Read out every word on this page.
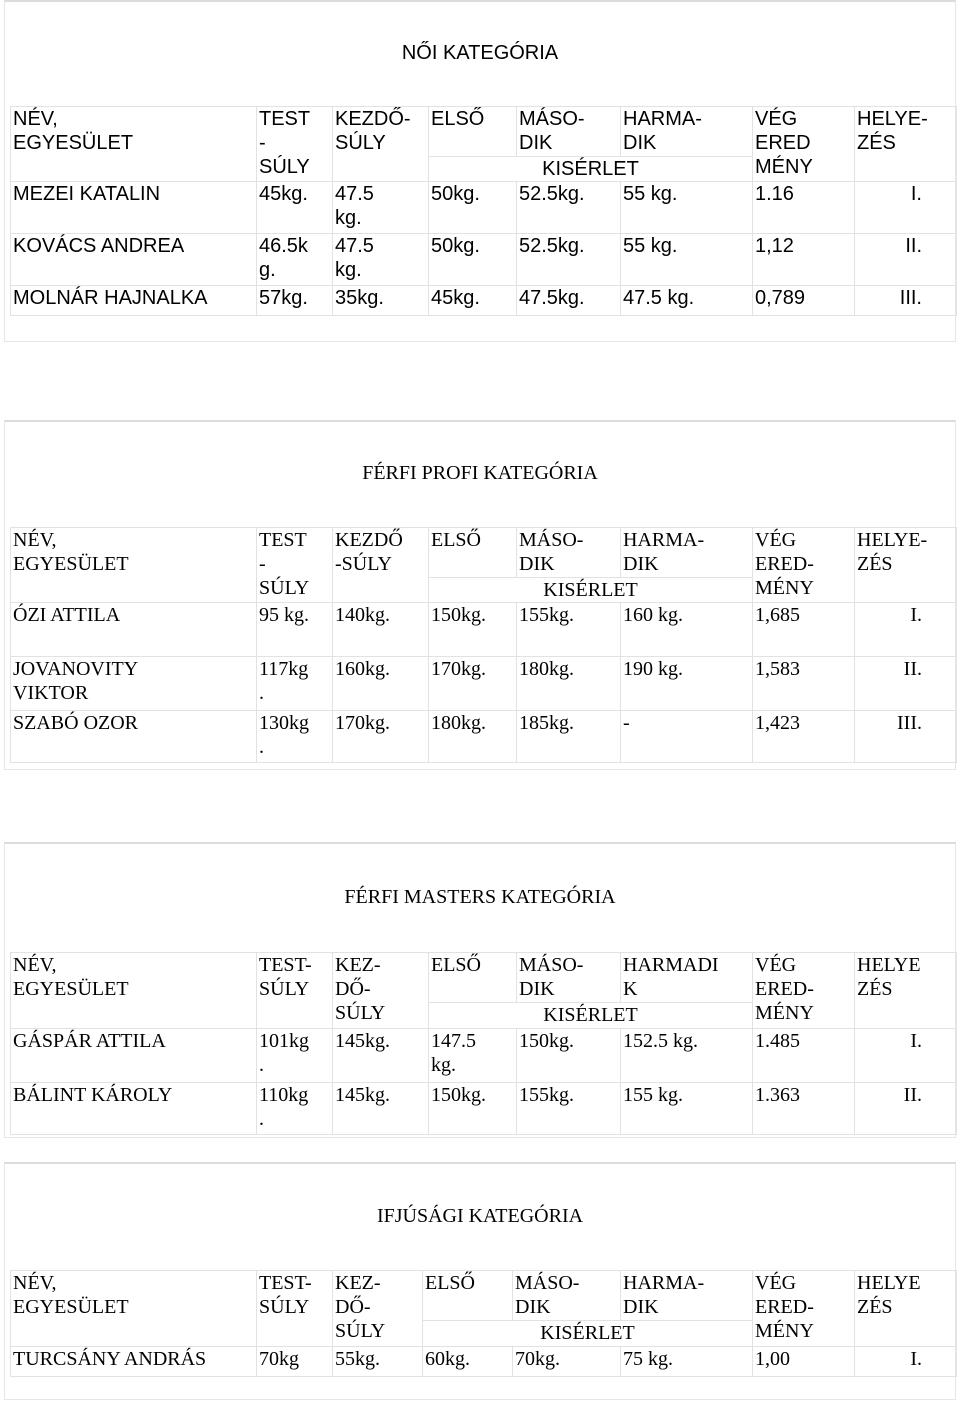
NŐI KATEGÓRIA
NÉV,
EGYESÜLET	TEST
-
SÚLY	KEZDŐ-
SÚLY	ELSŐ	MÁSO-
DIK	HARMA-
DIK	VÉG
ERED
MÉNY	HELYE-
ZÉS
			KISÉRLET				
MEZEI KATALIN	45kg.	47.5
kg.	50kg.	52.5kg.	55 kg.	1.16	I.
KOVÁCS ANDREA	46.5k
g.	47.5
kg.	50kg.	52.5kg.	55 kg.	1,12	II.
MOLNÁR HAJNALKA	57kg.	35kg.	45kg.	47.5kg.	47.5 kg.	0,789	III.
FÉRFI PROFI KATEGÓRIA
NÉV,
EGYESÜLET	TEST
-
SÚLY	KEZDŐ
-SÚLY	ELSŐ	MÁSO-
DIK	HARMA-
DIK	VÉG
ERED-
MÉNY	HELYE-
ZÉS
			KISÉRLET				
ÓZI ATTILA	95 kg.	140kg.	150kg.	155kg.	160 kg.	1,685	I.
JOVANOVITY
VIKTOR	117kg
.	160kg.	170kg.	180kg.	190 kg.	1,583	II.
SZABÓ OZOR	130kg
.	170kg.	180kg.	185kg.	-	1,423	III.
FÉRFI MASTERS KATEGÓRIA
NÉV,
EGYESÜLET	TEST-
SÚLY	KEZ-
DŐ-
SÚLY	ELSŐ	MÁSO-
DIK	HARMADI
K	VÉG
ERED-
MÉNY	HELYE
ZÉS
			KISÉRLET				
GÁSPÁR ATTILA	101kg
.	145kg.	147.5
kg.	150kg.	152.5 kg.	1.485	I.
BÁLINT KÁROLY	110kg
.	145kg.	150kg.	155kg.	155 kg.	1.363	II.
IFJÚSÁGI KATEGÓRIA
NÉV,
EGYESÜLET	TEST-
SÚLY	KEZ-
DŐ-
SÚLY	ELSŐ	MÁSO-
DIK	HARMA-
DIK	VÉG
ERED-
MÉNY	HELYE
ZÉS
			KISÉRLET				
TURCSÁNY ANDRÁS	70kg	55kg.	60kg.	70kg.	75 kg.	1,00	I.
